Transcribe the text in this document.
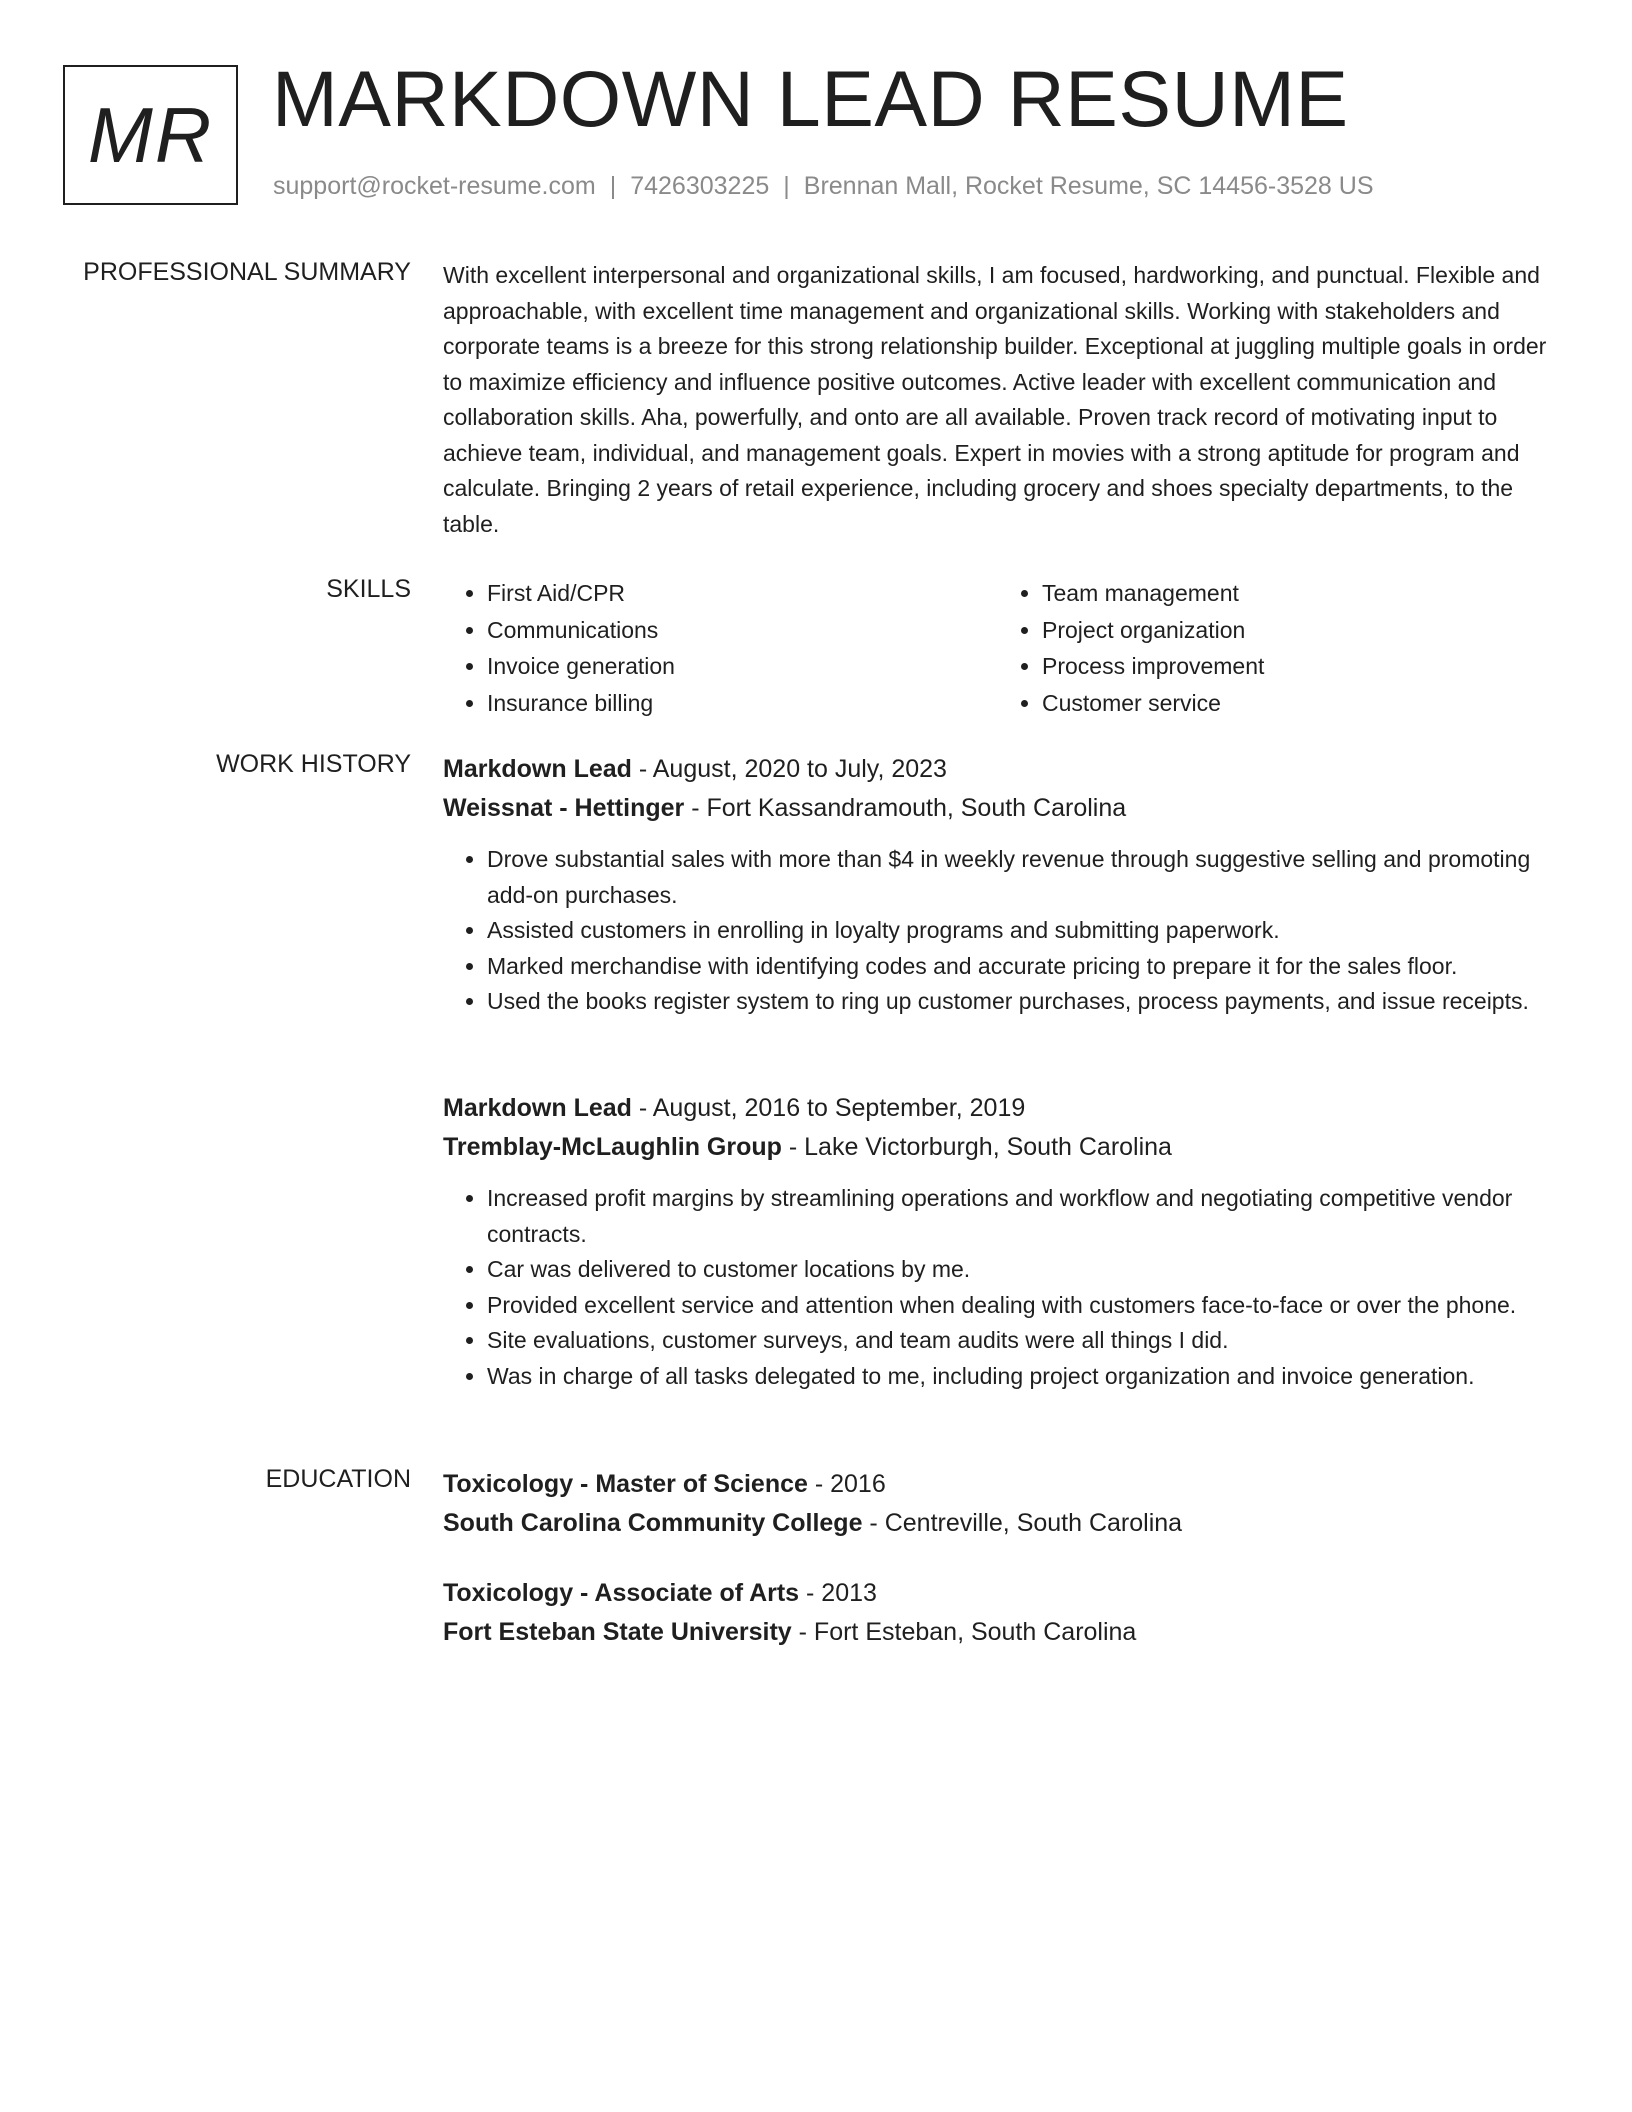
MR MARKDOWN LEAD RESUME
support@rocket-resume.com | 7426303225 | Brennan Mall, Rocket Resume, SC 14456-3528 US
PROFESSIONAL SUMMARY With excellent interpersonal and organizational skills, I am focused, hardworking, and punctual. Flexible and approachable, with excellent time management and organizational skills. Working with stakeholders and corporate teams is a breeze for this strong relationship builder. Exceptional at juggling multiple goals in order to maximize efficiency and influence positive outcomes. Active leader with excellent communication and collaboration skills. Aha, powerfully, and onto are all available. Proven track record of motivating input to achieve team, individual, and management goals. Expert in movies with a strong aptitude for program and calculate. Bringing 2 years of retail experience, including grocery and shoes specialty departments, to the table.

SKILLS
•	First Aid/CPR
• Communications
• Invoice generation
• Insurance billing
• Team management
• Project organization
• Process improvement
• Customer service
WORK HISTORY Markdown Lead - August, 2020 to July, 2023
Weissnat - Hettinger - Fort Kassandramouth, South Carolina
• Drove substantial sales with more than $4 in weekly revenue through suggestive selling and promoting add-on purchases.
• Assisted customers in enrolling in loyalty programs and submitting paperwork.
• Marked merchandise with identifying codes and accurate pricing to prepare it for the sales floor.
• Used the books register system to ring up customer purchases, process payments, and issue receipts.
Markdown Lead - August, 2016 to September, 2019
Tremblay-McLaughlin Group - Lake Victorburgh, South Carolina
• Increased profit margins by streamlining operations and workflow and negotiating competitive vendor contracts.
• Car was delivered to customer locations by me.
• Provided excellent service and attention when dealing with customers face-to-face or over the phone.
• Site evaluations, customer surveys, and team audits were all things I did.
• Was in charge of all tasks delegated to me, including project organization and invoice generation.
EDUCATION Toxicology - Master of Science - 2016
South Carolina Community College - Centreville, South Carolina
Toxicology - Associate of Arts - 2013
Fort Esteban State University - Fort Esteban, South Carolina
